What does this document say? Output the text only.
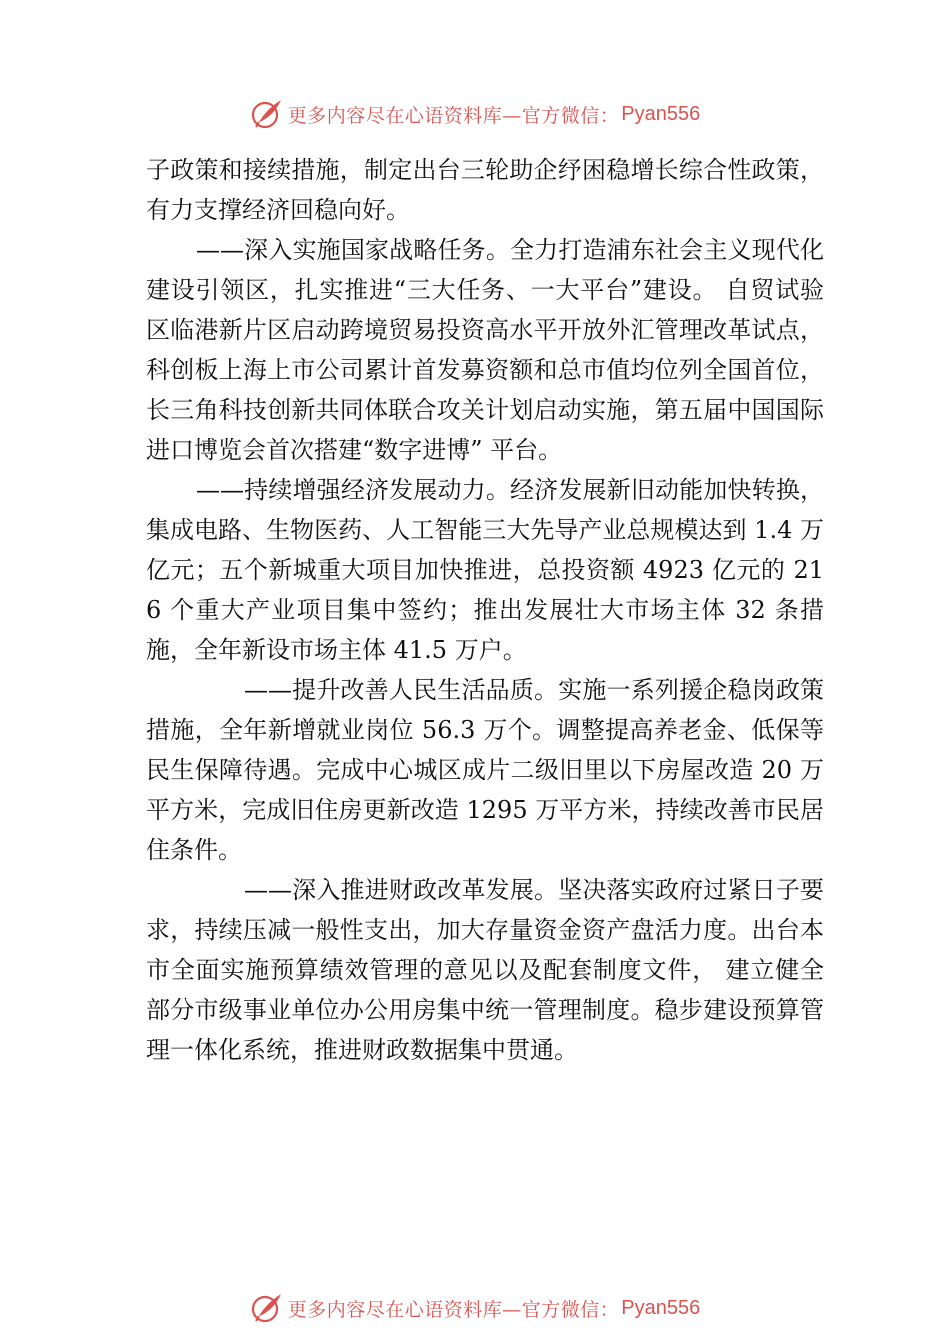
更多内容尽在心语资料库—官方微信： Pyan556

子政策和接续措施，制定出台三轮助企纾困稳增长综合性政策，有力支撑经济回稳向好。

——深入实施国家战略任务。全力打造浦东社会主义现代化建设引领区，扎实推进“三大任务、一大平台”建设。 自贸试验区临港新片区启动跨境贸易投资高水平开放外汇管理改革试点，科创板上海上市公司累计首发募资额和总市值均位列全国首位，长三角科技创新共同体联合攻关计划启动实施，第五届中国国际进口博览会首次搭建“数字进博” 平台。

——持续增强经济发展动力。经济发展新旧动能加快转换，集成电路、生物医药、人工智能三大先导产业总规模达到 1.4 万亿元；五个新城重大项目加快推进，总投资额 4923 亿元的 216 个重大产业项目集中签约；推出发展壮大市场主体 32 条措施，全年新设市场主体 41.5 万户。

——提升改善人民生活品质。实施一系列援企稳岗政策措施，全年新增就业岗位 56.3 万个。调整提高养老金、低保等民生保障待遇。完成中心城区成片二级旧里以下房屋改造 20 万平方米，完成旧住房更新改造 1295 万平方米，持续改善市民居住条件。

——深入推进财政改革发展。坚决落实政府过紧日子要求，持续压减一般性支出，加大存量资金资产盘活力度。出台本市全面实施预算绩效管理的意见以及配套制度文件， 建立健全部分市级事业单位办公用房集中统一管理制度。稳步建设预算管理一体化系统，推进财政数据集中贯通。

更多内容尽在心语资料库—官方微信： Pyan556
